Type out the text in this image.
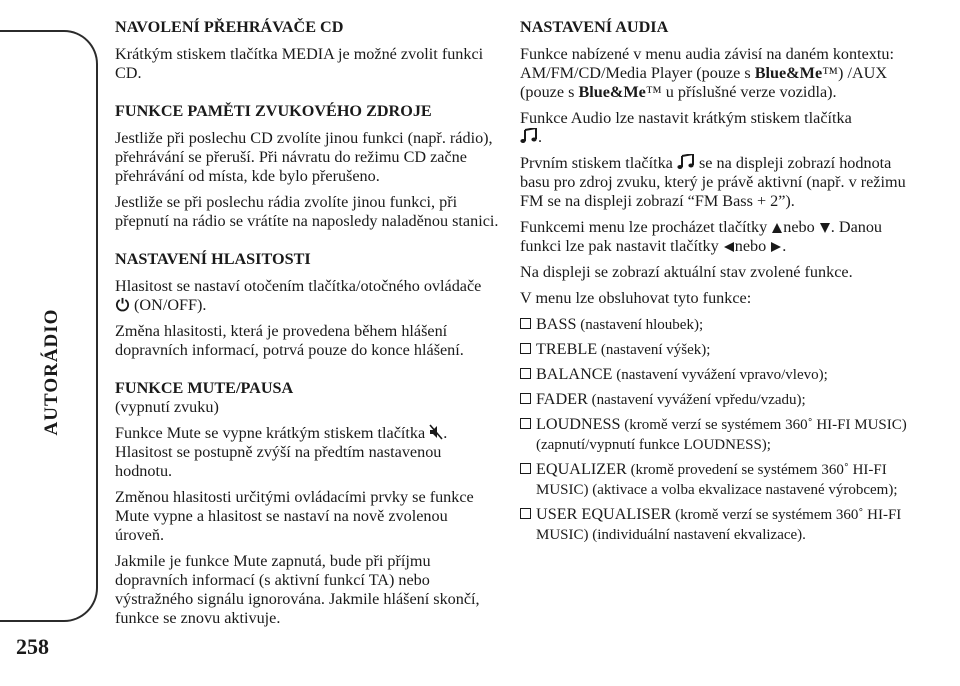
AUTORÁDIO
258
NAVOLENÍ PŘEHRÁVAČE CD

Krátkým stiskem tlačítka MEDIA je možné zvolit funkci CD.

FUNKCE PAMĚTI ZVUKOVÉHO ZDROJE

Jestliže při poslechu CD zvolíte jinou funkci (např. rádio), přehrávání se přeruší. Při návratu do režimu CD začne přehrávání od místa, kde bylo přerušeno.

Jestliže se při poslechu rádia zvolíte jinou funkci, při přepnutí na rádio se vrátíte na naposledy naladěnou stanici.

NASTAVENÍ HLASITOSTI

Hlasitost se nastaví otočením tlačítka/otočného ovládače
(ON/OFF).

Změna hlasitosti, která je provedena během hlášení dopravních informací, potrvá pouze do konce hlášení.

FUNKCE MUTE/PAUSA

(vypnutí zvuku)

Funkce Mute se vypne krátkým stiskem tlačítka
. Hlasitost se postupně zvýší na předtím nastavenou hodnotu.

Změnou hlasitosti určitými ovládacími prvky se funkce Mute vypne a hlasitost se nastaví na nově zvolenou úroveň.

Jakmile je funkce Mute zapnutá, bude při příjmu dopravních informací (s aktivní funkcí TA) nebo výstražného signálu ignorována. Jakmile hlášení skončí, funkce se znovu aktivuje.

NASTAVENÍ AUDIA

Funkce nabízené v menu audia závisí na daném kontextu: AM/FM/CD/Media Player (pouze s Blue&Me™) /AUX (pouze s Blue&Me™ u příslušné verze vozidla).

Funkce Audio lze nastavit krátkým stiskem tlačítka

.

Prvním stiskem tlačítka
se na displeji zobrazí hodnota basu pro zdroj zvuku, který je právě aktivní (např. v režimu FM se na displeji zobrazí “FM Bass + 2”).

Funkcemi menu lze procházet tlačítky
nebo
. Danou funkci lze pak nastavit tlačítky
nebo
.

Na displeji se zobrazí aktuální stav zvolené funkce.

V menu lze obsluhovat tyto funkce:

BASS (nastavení hloubek);
TREBLE (nastavení výšek);
BALANCE (nastavení vyvážení vpravo/vlevo);
FADER (nastavení vyvážení vpředu/vzadu);
LOUDNESS (kromě verzí se systémem 360˚ HI-FI MUSIC) (zapnutí/vypnutí funkce LOUDNESS);
EQUALIZER (kromě provedení se systémem 360˚ HI-FI MUSIC) (aktivace a volba ekvalizace nastavené výrobcem);
USER EQUALISER (kromě verzí se systémem 360˚ HI-FI MUSIC) (individuální nastavení ekvalizace).
